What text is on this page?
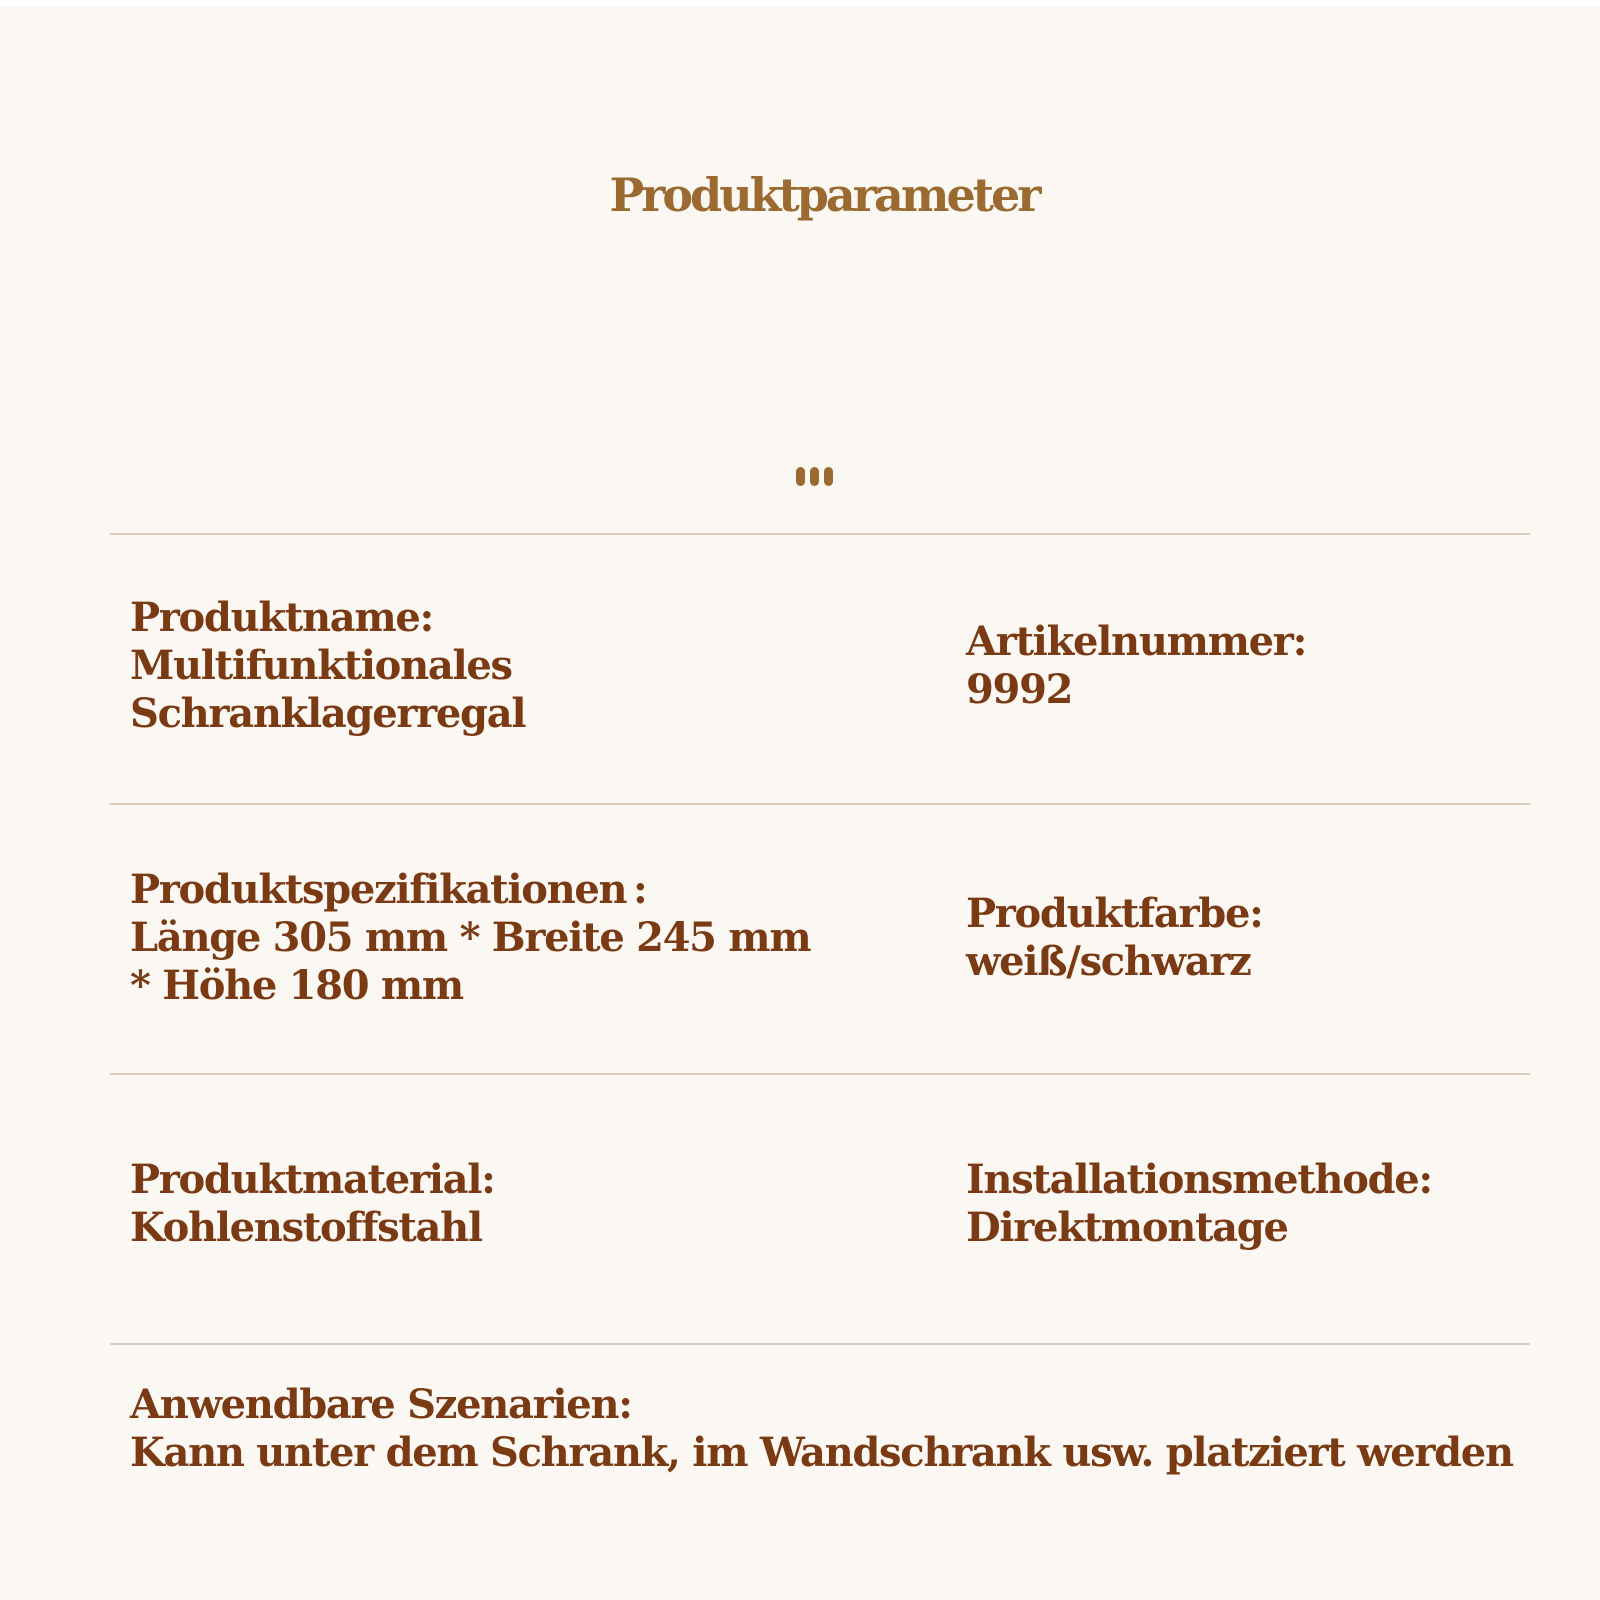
Produktparameter
Produktname:
Multifunktionales
Schranklagerregal
Artikelnummer:
9992
Produktspezifikationen :
Länge 305 mm * Breite 245 mm
* Höhe 180 mm
Produktfarbe:
weiß/schwarz
Produktmaterial:
Kohlenstoffstahl
Installationsmethode:
Direktmontage
Anwendbare Szenarien:
Kann unter dem Schrank, im Wandschrank usw. platziert werden
